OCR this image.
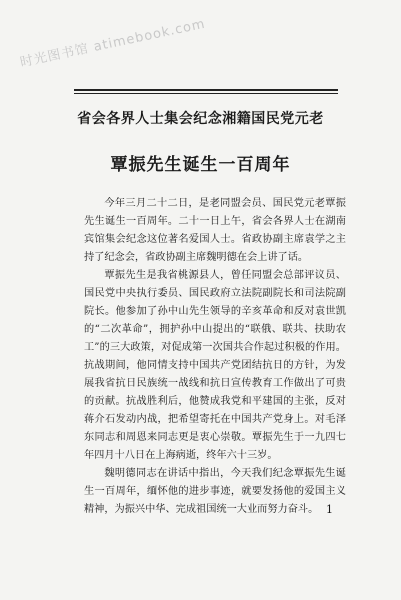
时光图书馆 atimebook.com
省会各界人士集会纪念湘籍国民党元老
覃振先生诞生一百周年

今年三月二十二日，是老同盟会员、国民党元老覃振先生诞生一百周年。二十一日上午，省会各界人士在湖南宾馆集会纪念这位著名爱国人士。省政协副主席袁学之主持了纪念会，省政协副主席魏明德在会上讲了话。

覃振先生是我省桃源县人，曾任同盟会总部评议员、国民党中央执行委员、国民政府立法院副院长和司法院副院长。他参加了孙中山先生领导的辛亥革命和反对袁世凯的“二次革命”，拥护孙中山提出的“联俄、联共、扶助农工”的三大政策，对促成第一次国共合作起过积极的作用。抗战期间，他同情支持中国共产党团结抗日的方针，为发展我省抗日民族统一战线和抗日宣传教育工作做出了可贵的贡献。抗战胜利后，他赞成我党和平建国的主张，反对蒋介石发动内战，把希望寄托在中国共产党身上。对毛泽东同志和周恩来同志更是衷心崇敬。覃振先生于一九四七年四月十八日在上海病逝，终年六十三岁。

魏明德同志在讲话中指出，今天我们纪念覃振先生诞生一百周年，缅怀他的进步事迹，就要发扬他的爱国主义精神，为振兴中华、完成祖国统一大业而努力奋斗。 1
